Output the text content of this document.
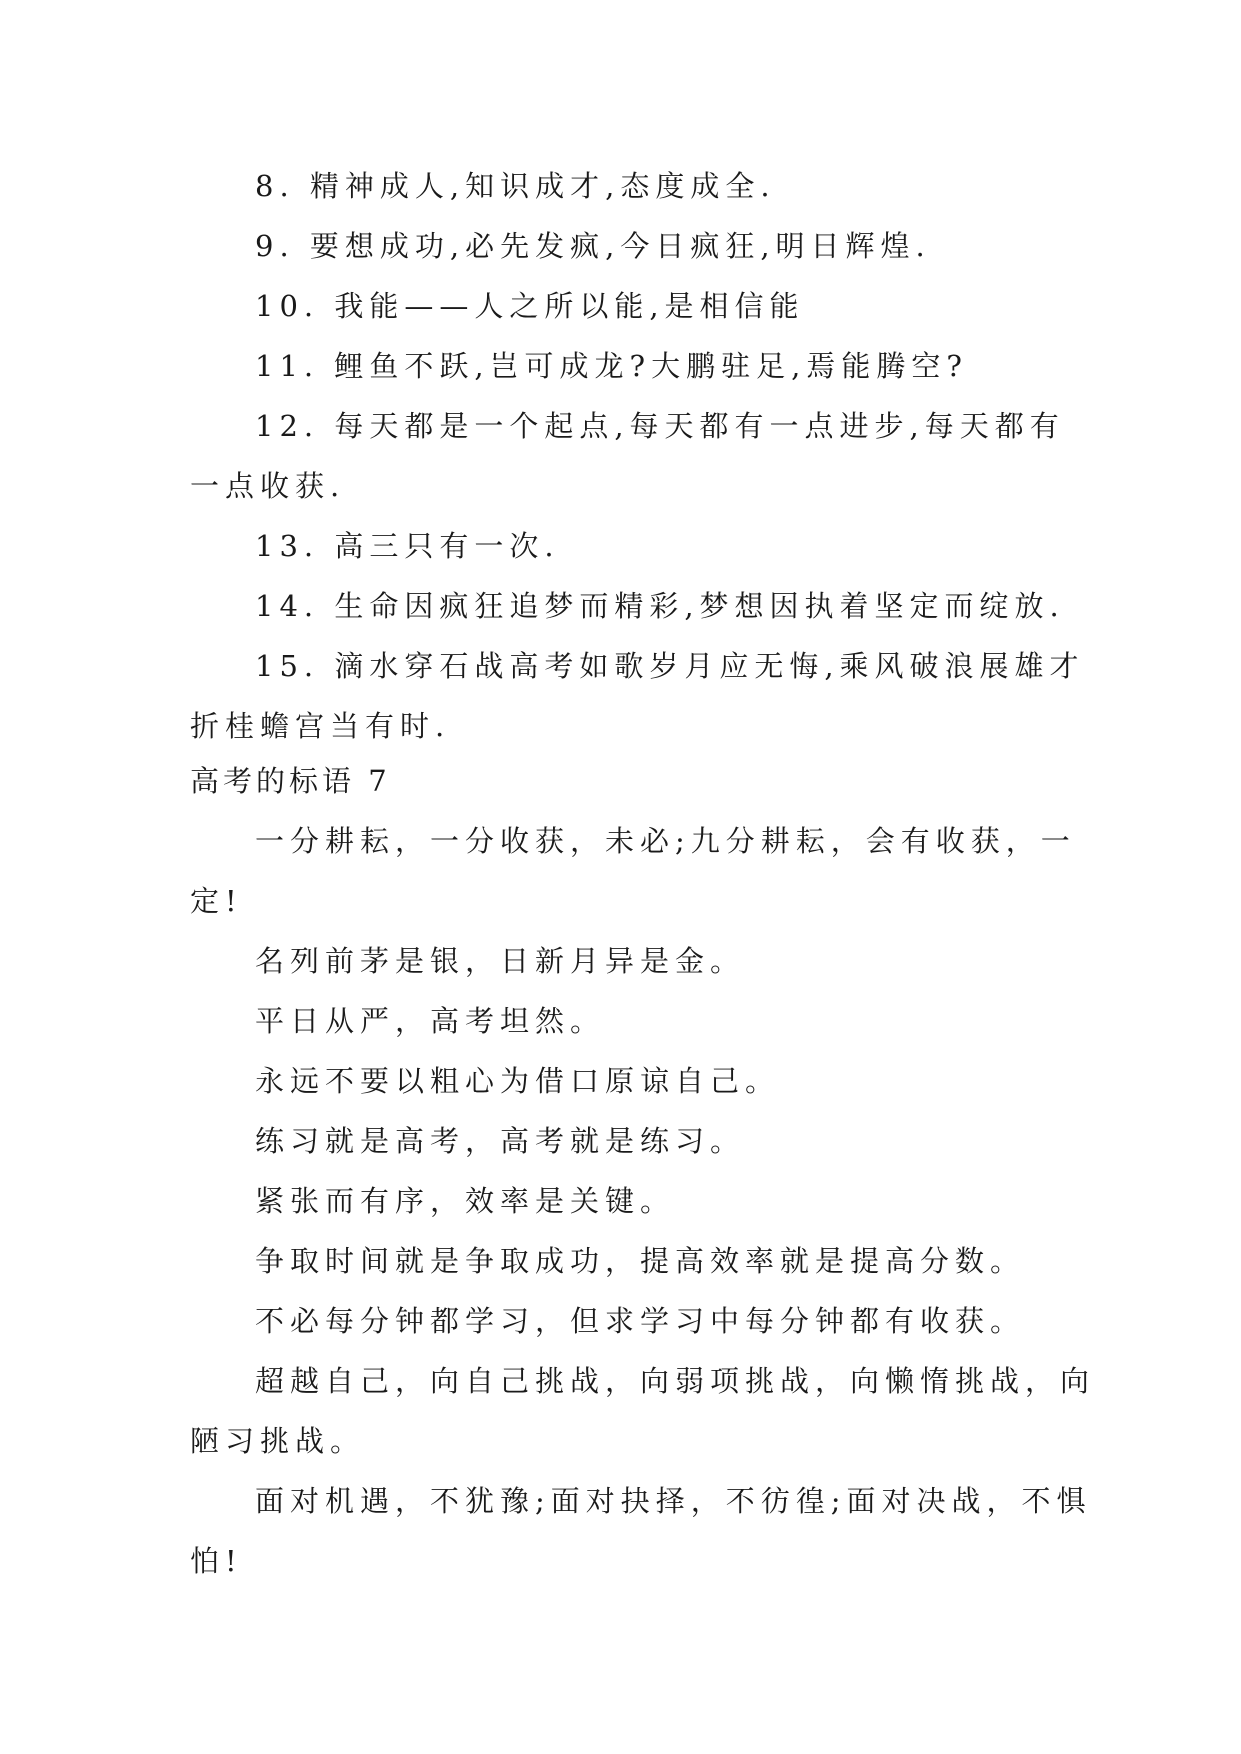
8. 精神成人,知识成才,态度成全.
9. 要想成功,必先发疯,今日疯狂,明日辉煌.
10. 我能——人之所以能,是相信能
11. 鲤鱼不跃,岂可成龙?大鹏驻足,焉能腾空?
12. 每天都是一个起点,每天都有一点进步,每天都有
一点收获.
13. 高三只有一次.
14. 生命因疯狂追梦而精彩,梦想因执着坚定而绽放.
15. 滴水穿石战高考如歌岁月应无悔,乘风破浪展雄才
折桂蟾宫当有时.
高考的标语 7
一分耕耘，一分收获，未必;九分耕耘，会有收获，一
定!
名列前茅是银，日新月异是金。
平日从严，高考坦然。
永远不要以粗心为借口原谅自己。
练习就是高考，高考就是练习。
紧张而有序，效率是关键。
争取时间就是争取成功，提高效率就是提高分数。
不必每分钟都学习，但求学习中每分钟都有收获。
超越自己，向自己挑战，向弱项挑战，向懒惰挑战，向
陋习挑战。
面对机遇，不犹豫;面对抉择，不彷徨;面对决战，不惧
怕!
